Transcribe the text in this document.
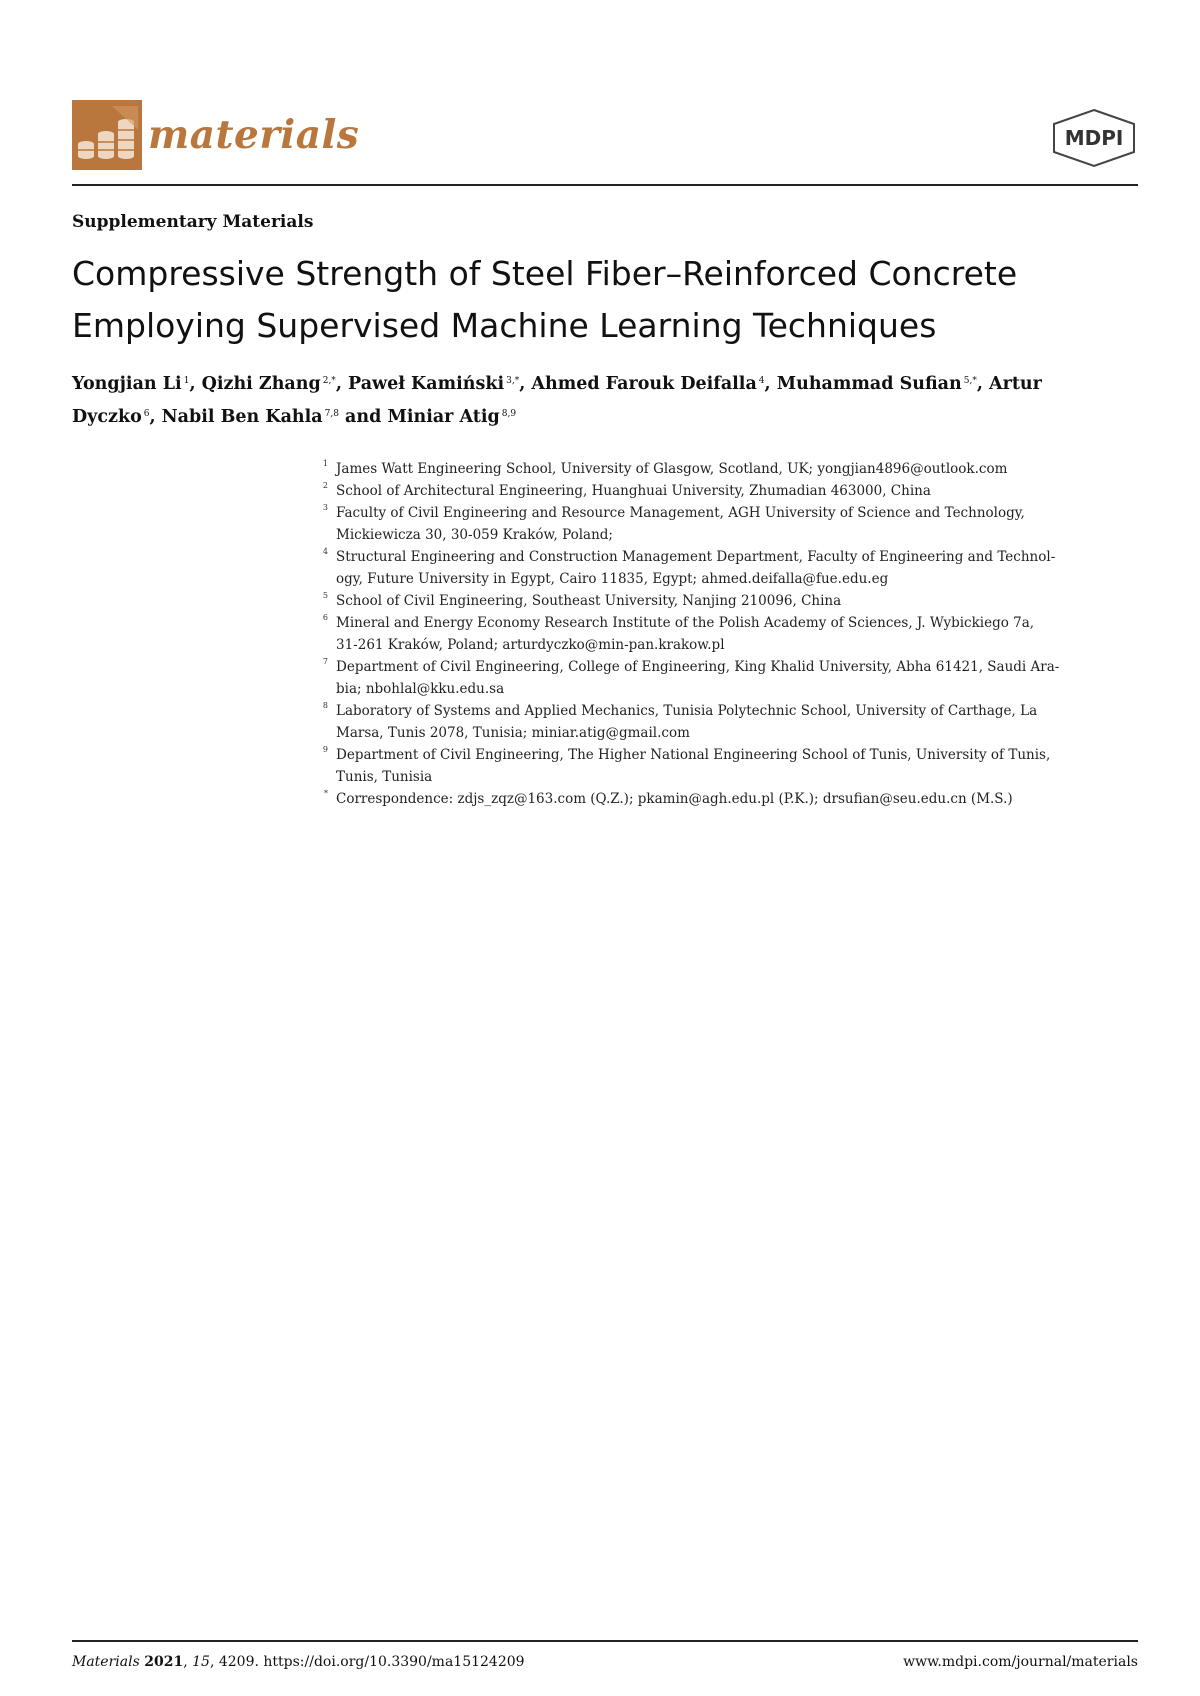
materials	MDPI
Supplementary Materials
Compressive Strength of Steel Fiber–Reinforced Concrete
Employing Supervised Machine Learning Techniques
Yongjian Li $^1$, Qizhi Zhang $^{2,*}$, Paweł Kamiński $^{3,*}$, Ahmed Farouk Deifalla $^4$, Muhammad Sufian $^{5,*}$, Artur Dyczko $^6$, Nabil Ben Kahla $^{7,8}$ and Miniar Atig $^{8,9}$
1 James Watt Engineering School, University of Glasgow, Scotland, UK; yongjian4896@outlook.com
2 School of Architectural Engineering, Huanghuai University, Zhumadian 463000, China
3 Faculty of Civil Engineering and Resource Management, AGH University of Science and Technology,
Mickiewicza 30, 30-059 Kraków, Poland;
4 Structural Engineering and Construction Management Department, Faculty of Engineering and Technol-
ogy, Future University in Egypt, Cairo 11835, Egypt; ahmed.deifalla@fue.edu.eg
5 School of Civil Engineering, Southeast University, Nanjing 210096, China
6 Mineral and Energy Economy Research Institute of the Polish Academy of Sciences, J. Wybickiego 7a,
31-261 Kraków, Poland; arturdyczko@min-pan.krakow.pl
7 Department of Civil Engineering, College of Engineering, King Khalid University, Abha 61421, Saudi Ara-
bia; nbohlal@kku.edu.sa
8 Laboratory of Systems and Applied Mechanics, Tunisia Polytechnic School, University of Carthage, La
Marsa, Tunis 2078, Tunisia; miniar.atig@gmail.com
9 Department of Civil Engineering, The Higher National Engineering School of Tunis, University of Tunis,
Tunis, Tunisia
* Correspondence: zdjs_zqz@163.com (Q.Z.); pkamin@agh.edu.pl (P.K.); drsufian@seu.edu.cn (M.S.)
Materials 2021, 15, 4209. https://doi.org/10.3390/ma15124209	www.mdpi.com/journal/materials
